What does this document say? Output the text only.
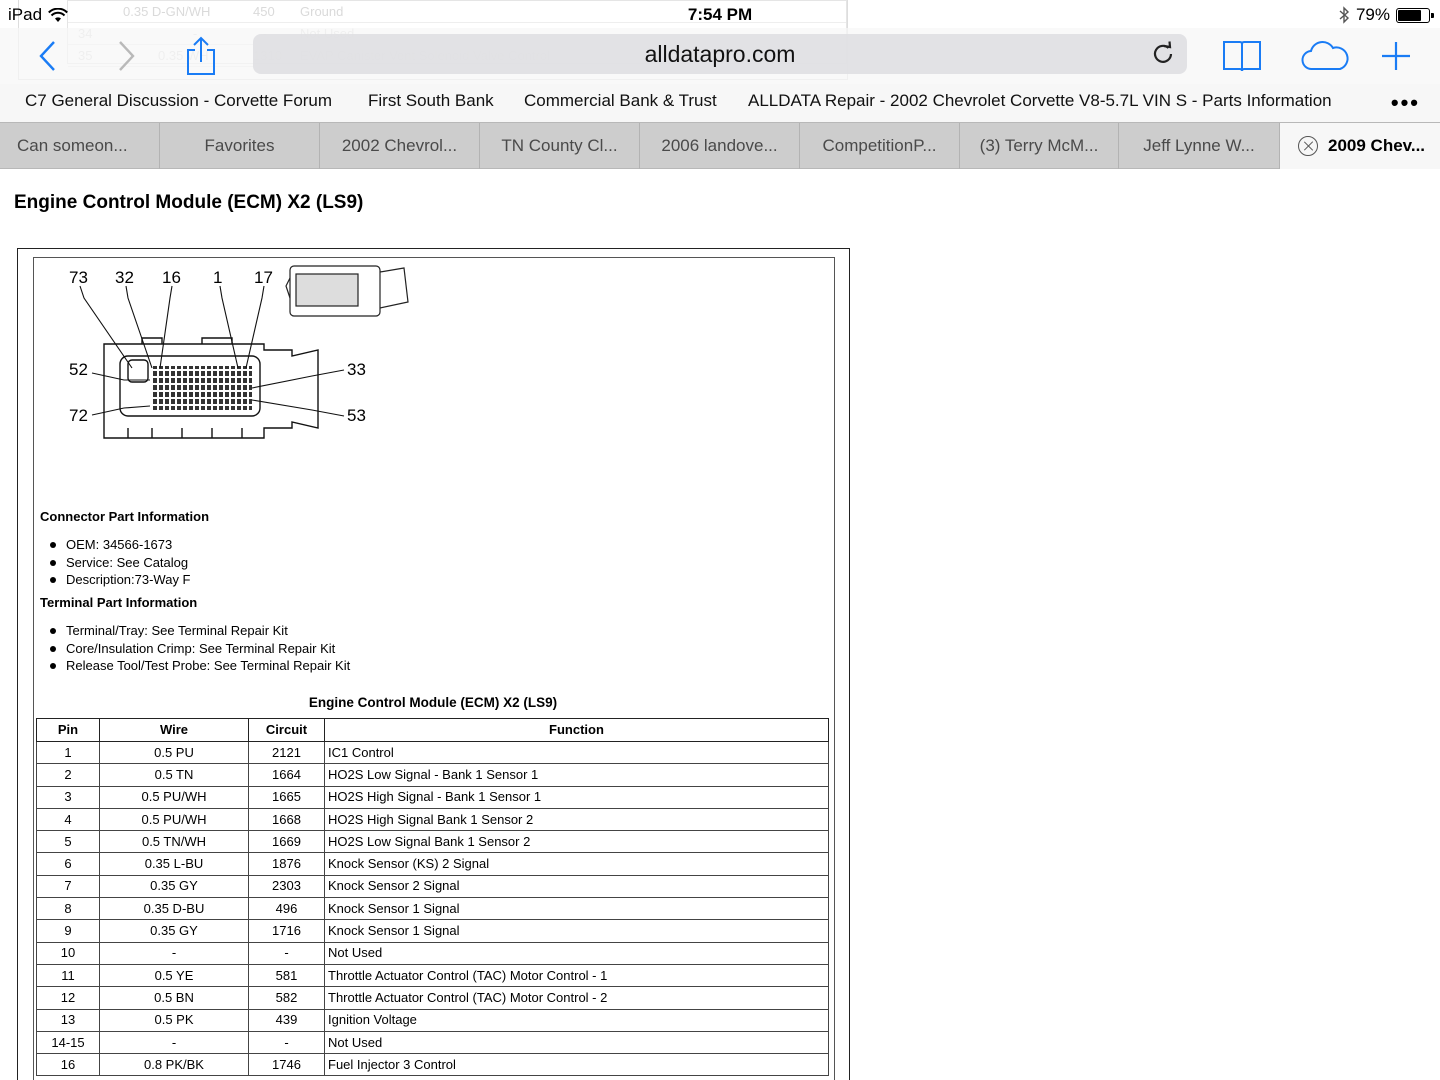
0.35 D-GN/WH	450 Ground
iPad	7:54 PM	79%
alldatapro.com
C7 General Discussion - Corvette Forum First South Bank Commercial Bank & Trust ALLDATA Repair - 2002 Chevrolet Corvette V8-5.7L VIN S - Parts Information	•••
Can someon...	Favorites	2002 Chevrol...	TN County Cl...	2006 landove...	CompetitionP...	(3) Terry McM...	Jeff Lynne W...	2009 Chev...
Engine Control Module (ECM) X2 (LS9)
73 32 16 1 17
52
72
33
53
Connector Part Information
OEM: 34566-1673
Service: See Catalog
Description:73-Way F
Terminal Part Information
Terminal/Tray: See Terminal Repair Kit
Core/Insulation Crimp: See Terminal Repair Kit
Release Tool/Test Probe: See Terminal Repair Kit
Engine Control Module (ECM) X2 (LS9)
Pin	Wire	Circuit	Function
1	0.5 PU	2121	IC1 Control
2	0.5 TN	1664	HO2S Low Signal - Bank 1 Sensor 1
3	0.5 PU/WH	1665	HO2S High Signal - Bank 1 Sensor 1
4	0.5 PU/WH	1668	HO2S High Signal Bank 1 Sensor 2
5	0.5 TN/WH	1669	HO2S Low Signal Bank 1 Sensor 2
6	0.35 L-BU	1876	Knock Sensor (KS) 2 Signal
7	0.35 GY	2303	Knock Sensor 2 Signal
8	0.35 D-BU	496	Knock Sensor 1 Signal
9	0.35 GY	1716	Knock Sensor 1 Signal
10	-	-	Not Used
11	0.5 YE	581	Throttle Actuator Control (TAC) Motor Control - 1
12	0.5 BN	582	Throttle Actuator Control (TAC) Motor Control - 2
13	0.5 PK	439	Ignition Voltage
14-15	-	-	Not Used
16	0.8 PK/BK	1746	Fuel Injector 3 Control
